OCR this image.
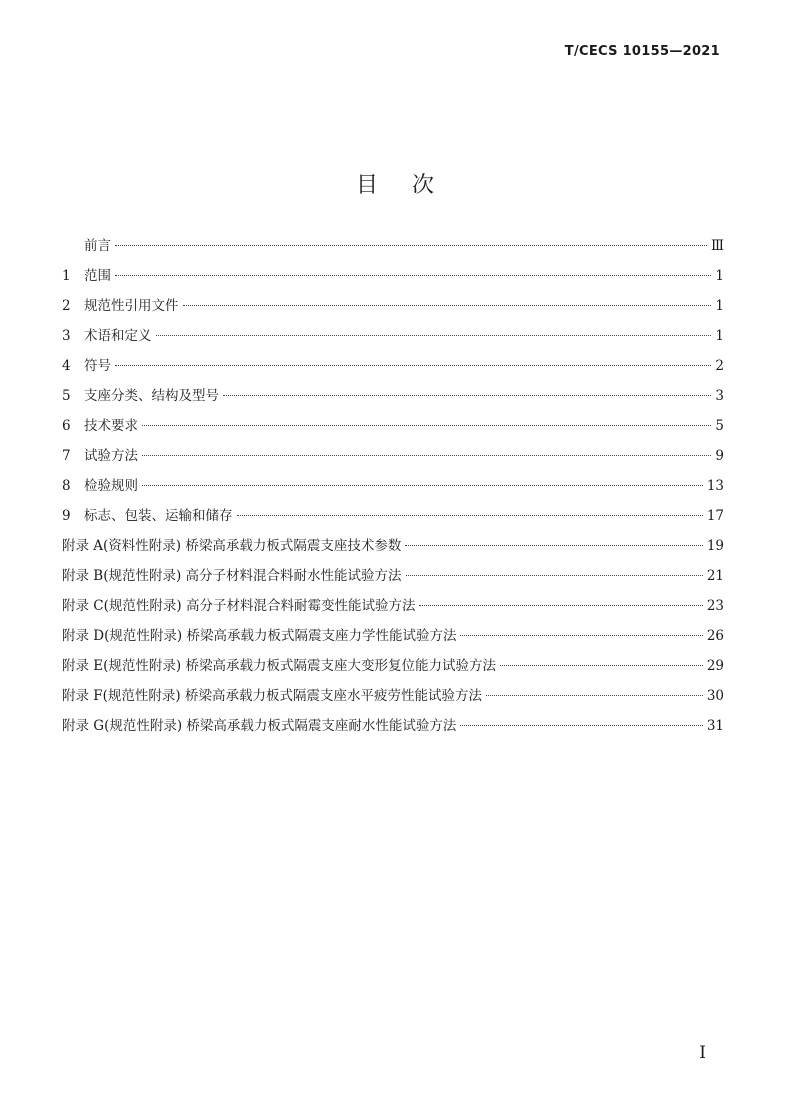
T/CECS 10155—2021
目次
前言	Ⅲ
1 范围	1
2 规范性引用文件	1
3 术语和定义	1
4 符号	2
5 支座分类、结构及型号	3
6 技术要求	5
7 试验方法	9
8 检验规则	13
9 标志、包装、运输和储存	17
附录 A(资料性附录) 桥梁高承载力板式隔震支座技术参数	19
附录 B(规范性附录) 高分子材料混合料耐水性能试验方法	21
附录 C(规范性附录) 高分子材料混合料耐霉变性能试验方法	23
附录 D(规范性附录) 桥梁高承载力板式隔震支座力学性能试验方法	26
附录 E(规范性附录) 桥梁高承载力板式隔震支座大变形复位能力试验方法	29
附录 F(规范性附录) 桥梁高承载力板式隔震支座水平疲劳性能试验方法	30
附录 G(规范性附录) 桥梁高承载力板式隔震支座耐水性能试验方法	31
I
